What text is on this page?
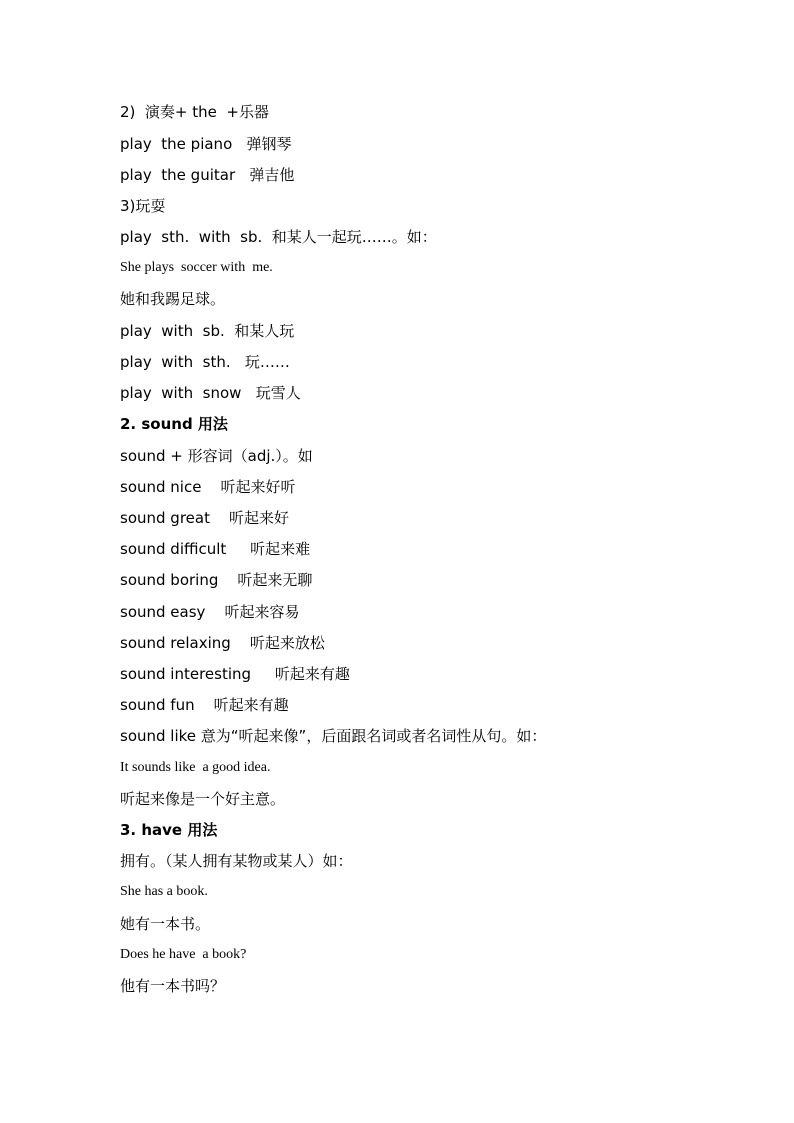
2)  演奏+ the  +乐器
play  the piano   弹钢琴
play  the guitar   弹吉他
3)玩耍
play  sth.  with  sb.  和某人一起玩……。如：
She plays  soccer with  me.
她和我踢足球。
play  with  sb.  和某人玩
play  with  sth.   玩……
play  with  snow   玩雪人
2. sound 用法
sound + 形容词（adj.）。如
sound nice    听起来好听
sound great    听起来好
sound difficult     听起来难
sound boring    听起来无聊
sound easy    听起来容易
sound relaxing    听起来放松
sound interesting     听起来有趣
sound fun    听起来有趣
sound like 意为“听起来像”，后面跟名词或者名词性从句。如：
It sounds like  a good idea.
听起来像是一个好主意。
3. have 用法
拥有。（某人拥有某物或某人）如：
She has a book.
她有一本书。
Does he have  a book?
他有一本书吗？
